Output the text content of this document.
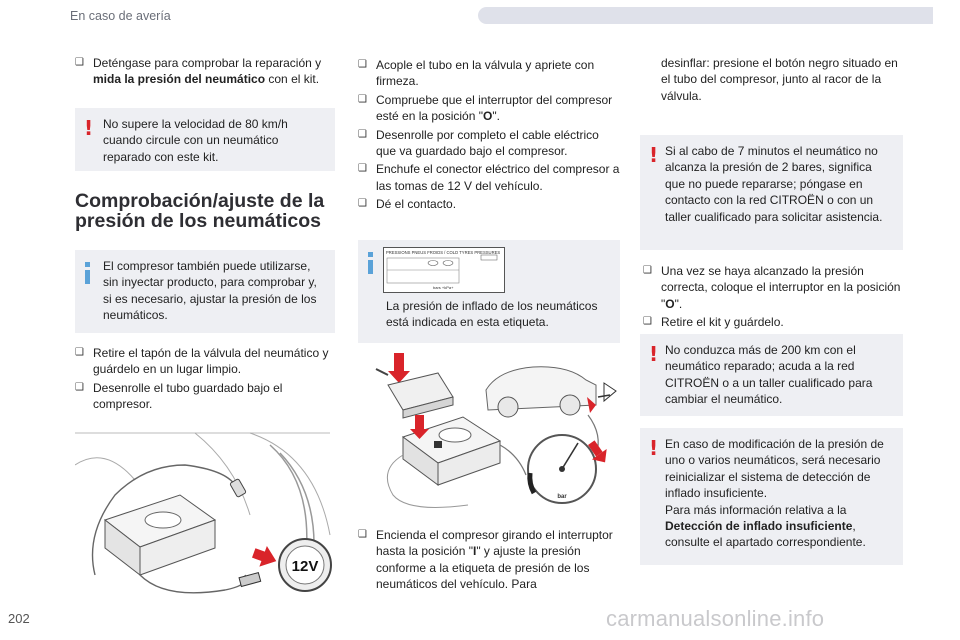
En caso de avería
❑ Deténgase para comprobar la reparación y mida la presión del neumático con el kit.
! No supere la velocidad de 80 km/h cuando circule con un neumático reparado con este kit.
Comprobación/ajuste de la presión de los neumáticos
El compresor también puede utilizarse, sin inyectar producto, para comprobar y, si es necesario, ajustar la presión de los neumáticos.
❑ Retire el tapón de la válvula del neumático y guárdelo en un lugar limpio.
❑ Desenrolle el tubo guardado bajo el compresor.
12V
❑ Acople el tubo en la válvula y apriete con firmeza.
❑ Compruebe que el interruptor del compresor esté en la posición "O".
❑ Desenrolle por completo el cable eléctrico que va guardado bajo el compresor.
❑ Enchufe el conector eléctrico del compresor a las tomas de 12 V del vehículo.
❑ Dé el contacto.
PRESSIONS PNEUS FROIDS / COLD TYRES PRESSURES
bars +kPa+
La presión de inflado de los neumáticos está indicada en esta etiqueta.
bar
❑ Encienda el compresor girando el interruptor hasta la posición "I" y ajuste la presión conforme a la etiqueta de presión de los neumáticos del vehículo. Para
desinflar: presione el botón negro situado en el tubo del compresor, junto al racor de la válvula.
! Si al cabo de 7 minutos el neumático no alcanza la presión de 2 bares, significa que no puede repararse; póngase en contacto con la red CITROËN o con un taller cualificado para solicitar asistencia.
❑ Una vez se haya alcanzado la presión correcta, coloque el interruptor en la posición "O".
❑ Retire el kit y guárdelo.
! No conduzca más de 200 km con el neumático reparado; acuda a la red CITROËN o a un taller cualificado para cambiar el neumático.
! En caso de modificación de la presión de uno o varios neumáticos, será necesario reinicializar el sistema de detección de inflado insuficiente.
Para más información relativa a la Detección de inflado insuficiente, consulte el apartado correspondiente.
202	carmanualsonline.info
